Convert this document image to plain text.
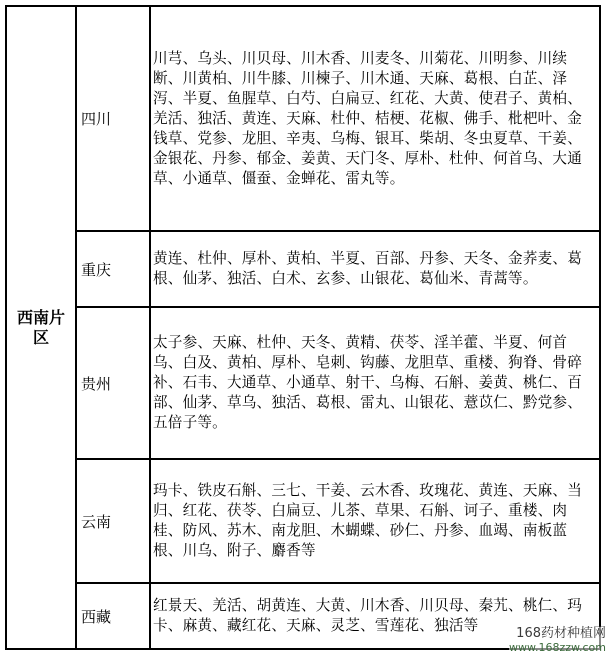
西南片区
四川
川芎、乌头、川贝母、川木香、川麦冬、川菊花、川明参、川续断、川黄柏、川牛膝、川楝子、川木通、天麻、葛根、白芷、泽泻、半夏、鱼腥草、白芍、白扁豆、红花、大黄、使君子、黄柏、羌活、独活、黄连、天麻、杜仲、桔梗、花椒、佛手、枇杷叶、金钱草、党参、龙胆、辛夷、乌梅、银耳、柴胡、冬虫夏草、干姜、金银花、丹参、郁金、姜黄、天门冬、厚朴、杜仲、何首乌、大通草、小通草、僵蚕、金蝉花、雷丸等。
重庆
黄连、杜仲、厚朴、黄柏、半夏、百部、丹参、天冬、金荞麦、葛根、仙茅、独活、白术、玄参、山银花、葛仙米、青蒿等。
贵州
太子参、天麻、杜仲、天冬、黄精、茯苓、淫羊藿、半夏、何首乌、白及、黄柏、厚朴、皂刺、钩藤、龙胆草、重楼、狗脊、骨碎补、石韦、大通草、小通草、射干、乌梅、石斛、姜黄、桃仁、百部、仙茅、草乌、独活、葛根、雷丸、山银花、薏苡仁、黔党参、五倍子等。
云南
玛卡、铁皮石斛、三七、干姜、云木香、玫瑰花、黄连、天麻、当归、红花、茯苓、白扁豆、儿茶、草果、石斛、诃子、重楼、肉桂、防风、苏木、南龙胆、木蝴蝶、砂仁、丹参、血竭、南板蓝根、川乌、附子、麝香等
西藏
红景天、羌活、胡黄连、大黄、川木香、川贝母、秦艽、桃仁、玛卡、麻黄、藏红花、天麻、灵芝、雪莲花、独活等	168药材种植网
www.168zzw.com
